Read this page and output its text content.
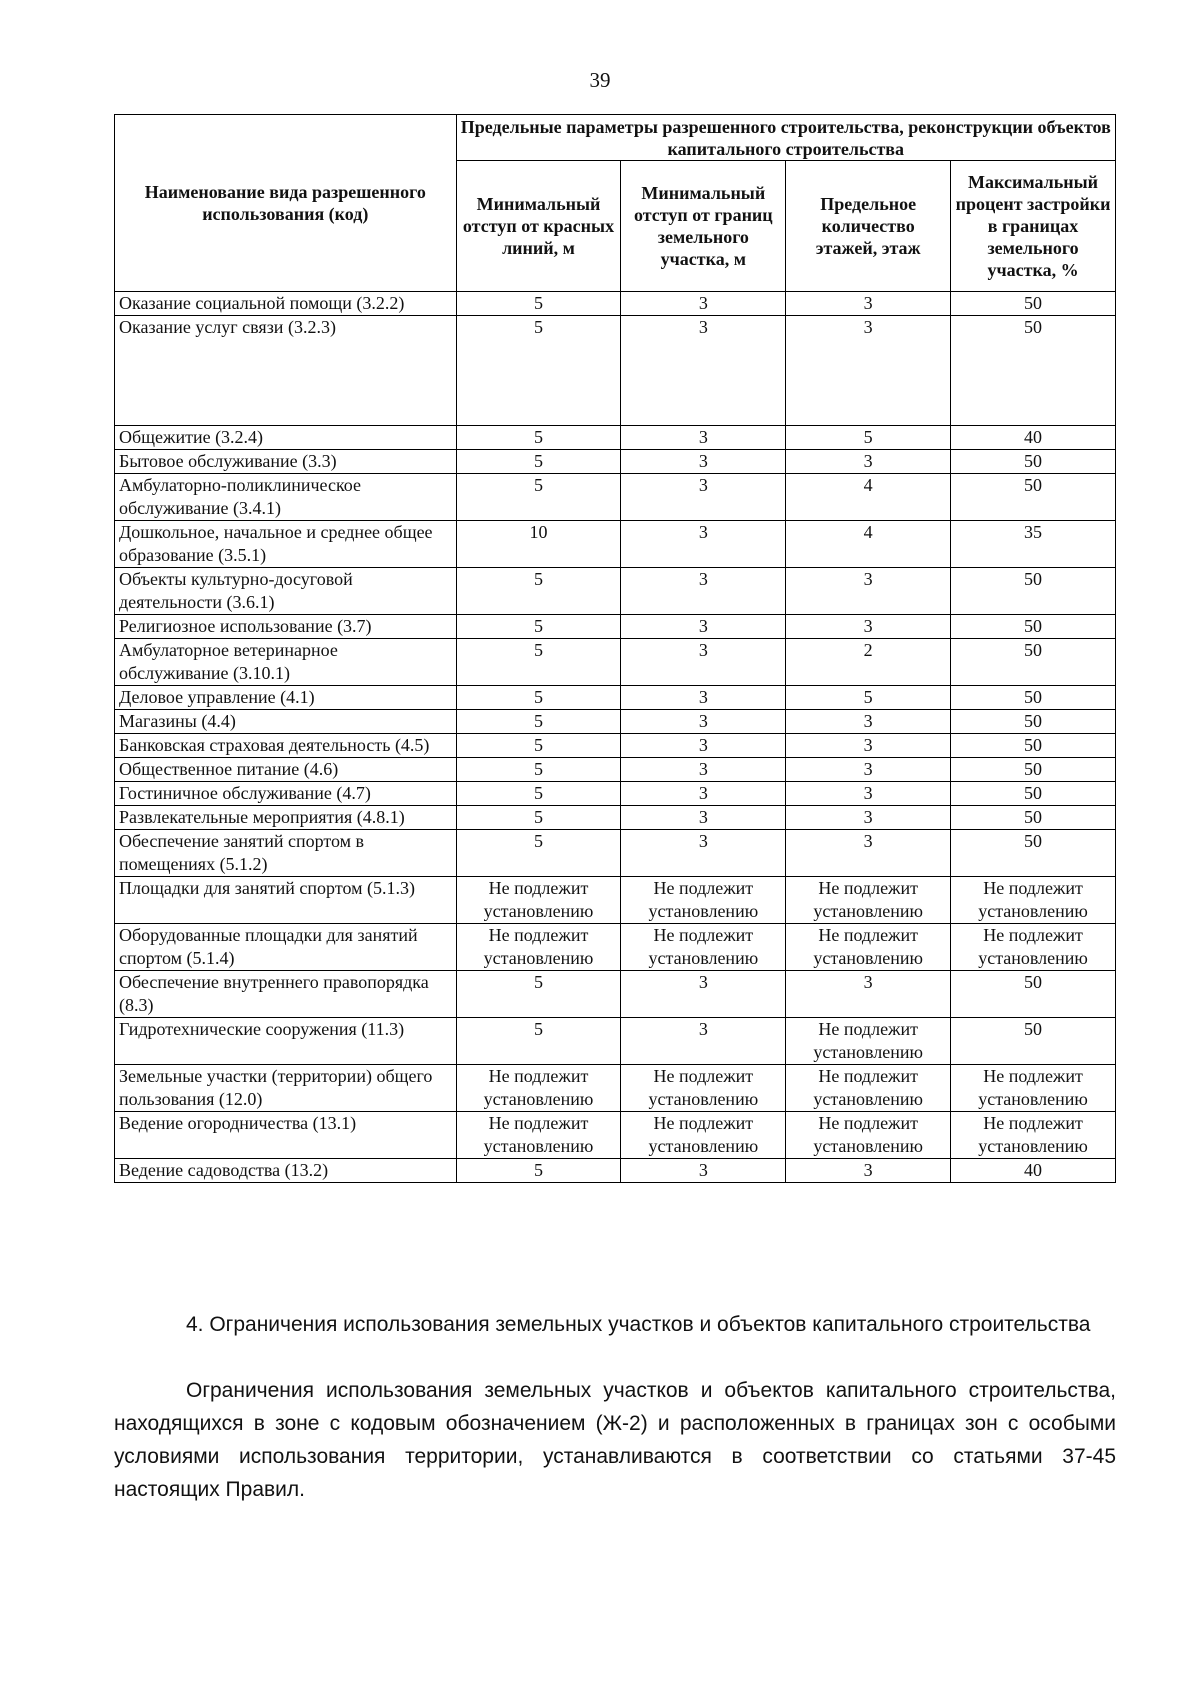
39
Наименование вида разрешенного использования (код)	Предельные параметры разрешенного строительства, реконструкции объектов капитального строительства			
	Минимальный отступ от красных линий, м	Минимальный отступ от границ земельного участка, м	Предельное количество этажей, этаж	Максимальный процент застройки в границах земельного участка, %
Оказание социальной помощи (3.2.2)	5	3	3	50
Оказание услуг связи (3.2.3)	5	3	3	50
Общежитие (3.2.4)	5	3	5	40
Бытовое обслуживание (3.3)	5	3	3	50
Амбулаторно-поликлиническое обслуживание (3.4.1)	5	3	4	50
Дошкольное, начальное и среднее общее образование (3.5.1)	10	3	4	35
Объекты культурно-досуговой деятельности (3.6.1)	5	3	3	50
Религиозное использование (3.7)	5	3	3	50
Амбулаторное ветеринарное обслуживание (3.10.1)	5	3	2	50
Деловое управление (4.1)	5	3	5	50
Магазины (4.4)	5	3	3	50
Банковская страховая деятельность (4.5)	5	3	3	50
Общественное питание (4.6)	5	3	3	50
Гостиничное обслуживание (4.7)	5	3	3	50
Развлекательные мероприятия (4.8.1)	5	3	3	50
Обеспечение занятий спортом в помещениях (5.1.2)	5	3	3	50
Площадки для занятий спортом (5.1.3)	Не подлежит установлению	Не подлежит установлению	Не подлежит установлению	Не подлежит установлению
Оборудованные площадки для занятий спортом (5.1.4)	Не подлежит установлению	Не подлежит установлению	Не подлежит установлению	Не подлежит установлению
Обеспечение внутреннего правопорядка (8.3)	5	3	3	50
Гидротехнические сооружения (11.3)	5	3	Не подлежит установлению	50
Земельные участки (территории) общего пользования (12.0)	Не подлежит установлению	Не подлежит установлению	Не подлежит установлению	Не подлежит установлению
Ведение огородничества (13.1)	Не подлежит установлению	Не подлежит установлению	Не подлежит установлению	Не подлежит установлению
Ведение садоводства (13.2)	5	3	3	40
4. Ограничения использования земельных участков и объектов капитального строительства
Ограничения использования земельных участков и объектов капитального строительства, находящихся в зоне с кодовым обозначением (Ж-2) и расположенных в границах зон с особыми условиями использования территории, устанавливаются в соответствии со статьями 37-45 настоящих Правил.
